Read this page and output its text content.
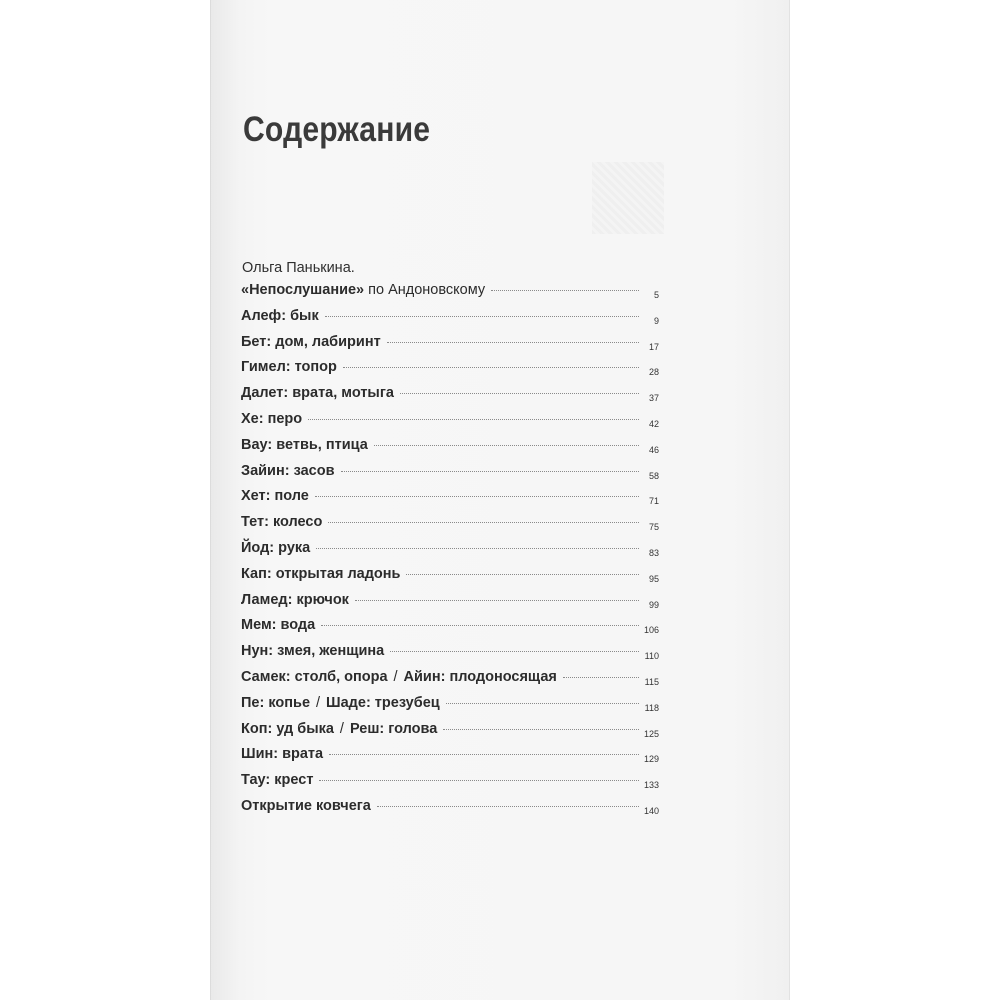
Содержание
Ольга Панькина.
«Непослушание» по Андоновскому	5
Алеф: бык	9
Бет: дом, лабиринт	17
Гимел: топор	28
Далет: врата, мотыга	37
Хе: перо	42
Вау: ветвь, птица	46
Зайин: засов	58
Хет: поле	71
Тет: колесо	75
Йод: рука	83
Кап: открытая ладонь	95
Ламед: крючок	99
Мем: вода	106
Нун: змея, женщина	110
Самек: столб, опора / Айин: плодоносящая	115
Пе: копье / Шаде: трезубец	118
Коп: уд быка / Реш: голова	125
Шин: врата	129
Тау: крест	133
Открытие ковчега	140
